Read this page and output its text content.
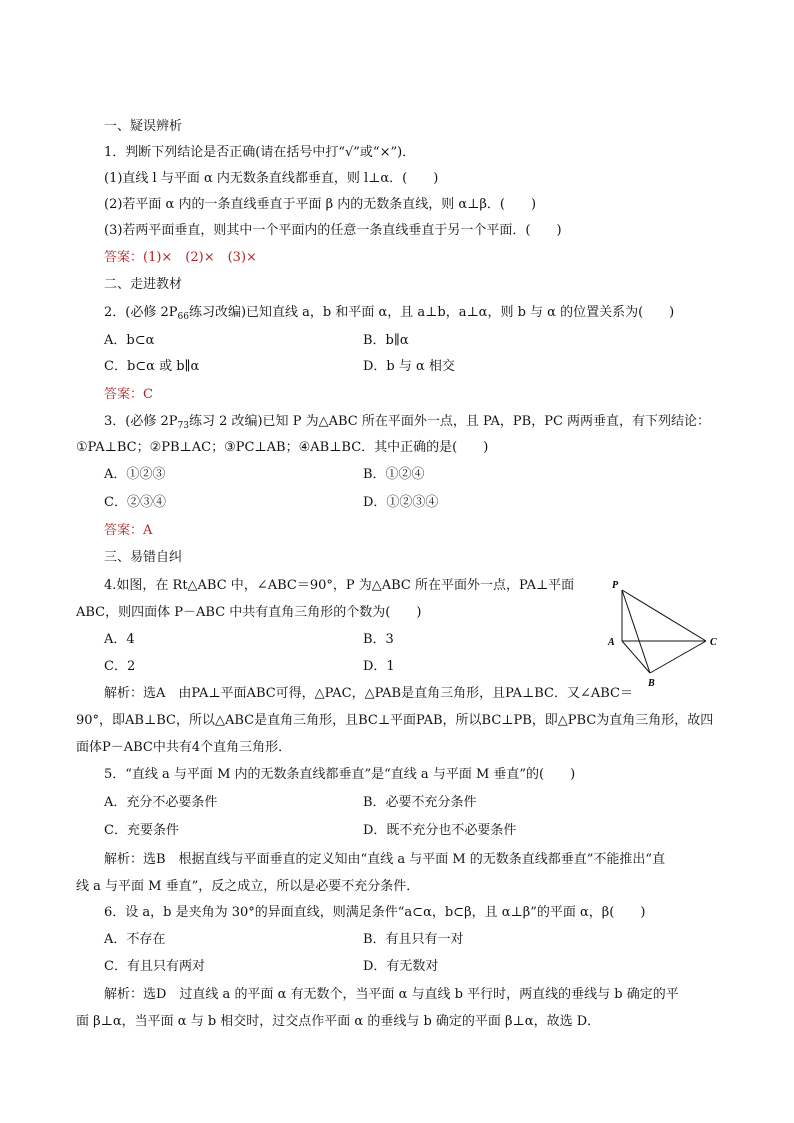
一、疑误辨析
1．判断下列结论是否正确(请在括号中打“√”或“×”)．
(1)直线 l 与平面 α 内无数条直线都垂直，则 l⊥α．(　　)
(2)若平面 α 内的一条直线垂直于平面 β 内的无数条直线，则 α⊥β．(　　)
(3)若两平面垂直，则其中一个平面内的任意一条直线垂直于另一个平面．(　　)
答案：(1)×　(2)×　(3)×
二、走进教材
2．(必修 $2P_{66}$练习改编)已知直线 a，b 和平面 α，且 a⊥b，a⊥α，则 b 与 α 的位置关系为(　　)
A．b⊂α	B．b∥α
C．b⊂α 或 b∥α	D．b 与 α 相交
答案：C
3．(必修 $2P_{73}$练习 2 改编)已知 P 为△ABC 所在平面外一点，且 PA，PB，PC 两两垂直，有下列结论：
①PA⊥BC；②PB⊥AC；③PC⊥AB；④AB⊥BC．其中正确的是(　　)
A．①②③	B．①②④
C．②③④	D．①②③④
答案：A
三、易错自纠
4.如图，在 Rt△ABC 中，∠ABC＝90°，P 为△ABC 所在平面外一点，PA⊥平面
ABC，则四面体 P－ABC 中共有直角三角形的个数为(　　)
A．4	B．3
C．2	D．1
解析：选A　由PA⊥平面ABC可得，△PAC，△PAB是直角三角形，且PA⊥BC．又∠ABC＝
90°，即AB⊥BC，所以△ABC是直角三角形，且BC⊥平面PAB，所以BC⊥PB，即△PBC为直角三角形，故四
面体P－ABC中共有4个直角三角形．
P
A
B
C
5．“直线 a 与平面 M 内的无数条直线都垂直”是“直线 a 与平面 M 垂直”的(　　)
A．充分不必要条件	B．必要不充分条件
C．充要条件	D．既不充分也不必要条件
解析：选B　根据直线与平面垂直的定义知由“直线 a 与平面 M 的无数条直线都垂直”不能推出“直
线 a 与平面 M 垂直”，反之成立，所以是必要不充分条件．
6．设 a，b 是夹角为 30°的异面直线，则满足条件“a⊂α，b⊂β，且 α⊥β”的平面 α，β(　　)
A．不存在	B．有且只有一对
C．有且只有两对	D．有无数对
解析：选D　过直线 a 的平面 α 有无数个，当平面 α 与直线 b 平行时，两直线的垂线与 b 确定的平
面 β⊥α，当平面 α 与 b 相交时，过交点作平面 α 的垂线与 b 确定的平面 β⊥α，故选 D．
